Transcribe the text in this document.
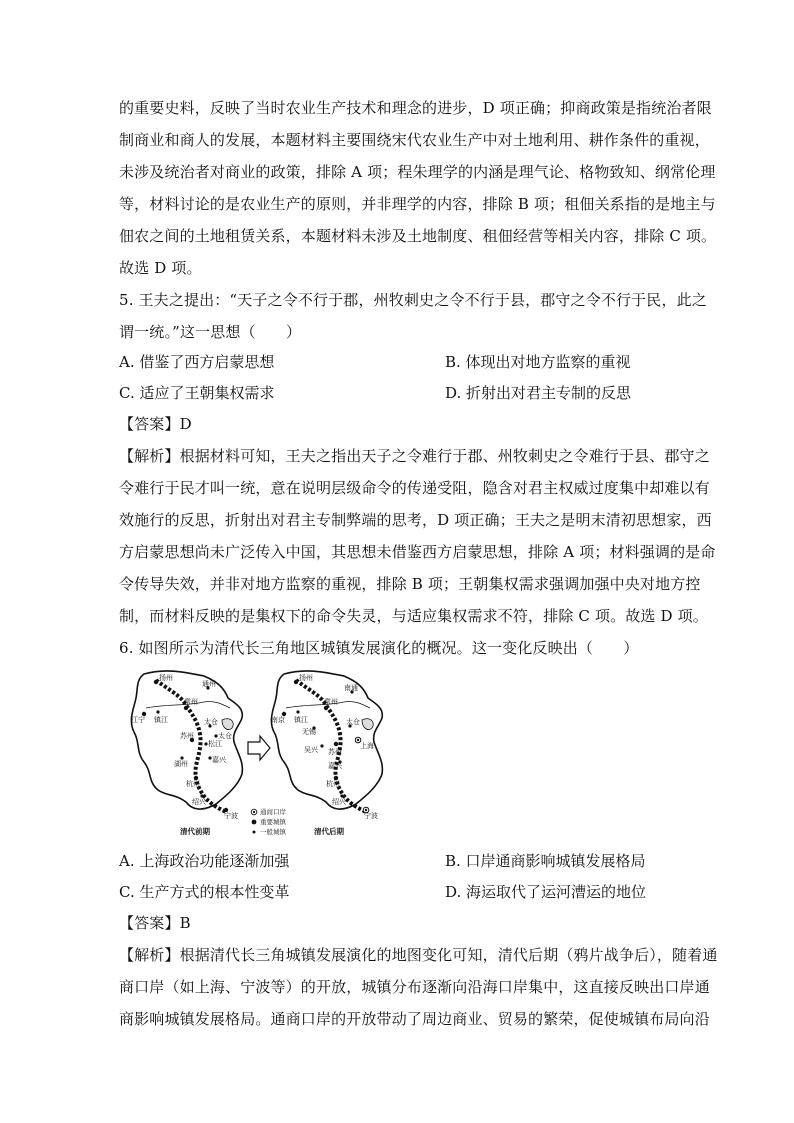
的重要史料，反映了当时农业生产技术和理念的进步，D 项正确；抑商政策是指统治者限
制商业和商人的发展，本题材料主要围绕宋代农业生产中对土地利用、耕作条件的重视，
未涉及统治者对商业的政策，排除 A 项；程朱理学的内涵是理气论、格物致知、纲常伦理
等，材料讨论的是农业生产的原则，并非理学的内容，排除 B 项；租佃关系指的是地主与
佃农之间的土地租赁关系，本题材料未涉及土地制度、租佃经营等相关内容，排除 C 项。
故选 D 项。
5. 王夫之提出：“天子之令不行于郡，州牧刺史之令不行于县，郡守之令不行于民，此之
谓一统。”这一思想（　　）
A. 借鉴了西方启蒙思想	B. 体现出对地方监察的重视
C. 适应了王朝集权需求	D. 折射出对君主专制的反思
【答案】D
【解析】根据材料可知，王夫之指出天子之令难行于郡、州牧刺史之令难行于县、郡守之
令难行于民才叫一统，意在说明层级命令的传递受阻，隐含对君主权威过度集中却难以有
效施行的反思，折射出对君主专制弊端的思考，D 项正确；王夫之是明末清初思想家，西
方启蒙思想尚未广泛传入中国，其思想未借鉴西方启蒙思想，排除 A 项；材料强调的是命
令传导失效，并非对地方监察的重视，排除 B 项；王朝集权需求强调加强中央对地方控
制，而材料反映的是集权下的命令失灵，与适应集权需求不符，排除 C 项。故选 D 项。
6. 如图所示为清代长三角地区城镇发展演化的概况。这一变化反映出（　　）
扬州
通州
江宁 镇江
常州
太仓
苏州
松江
太仓
湖州	嘉兴
杭州
绍兴
宁波
清代前期
扬州
南京 镇江
南通
常州
无锡
太仓
吴兴 苏州
上海
嘉兴
杭州
绍兴
宁波
清代后期
通商口岸
重要城镇
一般城镇
A. 上海政治功能逐渐加强	B. 口岸通商影响城镇发展格局
C. 生产方式的根本性变革	D. 海运取代了运河漕运的地位
【答案】B
【解析】根据清代长三角城镇发展演化的地图变化可知，清代后期（鸦片战争后），随着通
商口岸（如上海、宁波等）的开放，城镇分布逐渐向沿海口岸集中，这直接反映出口岸通
商影响城镇发展格局。通商口岸的开放带动了周边商业、贸易的繁荣，促使城镇布局向沿
